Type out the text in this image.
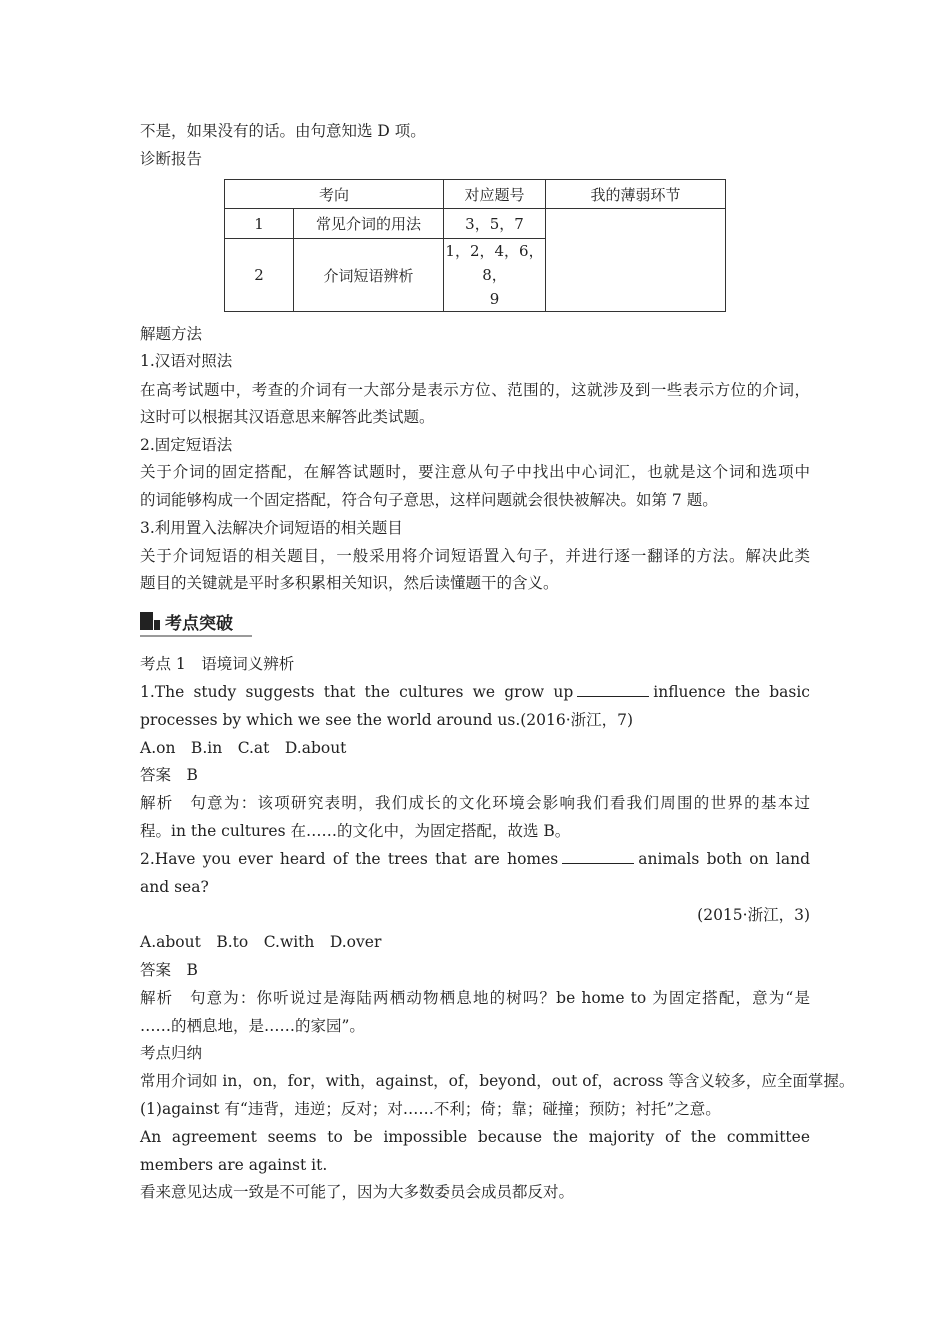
不是，如果没有的话。由句意知选 D 项。
诊断报告
考向		对应题号	我的薄弱环节
1	常见介词的用法	3，5，7	
2	介词短语辨析	1，2，4，6，8，
9	
解题方法
1.汉语对照法
在高考试题中，考查的介词有一大部分是表示方位、范围的，这就涉及到一些表示方位的介词，
这时可以根据其汉语意思来解答此类试题。
2.固定短语法
关于介词的固定搭配，在解答试题时，要注意从句子中找出中心词汇，也就是这个词和选项中
的词能够构成一个固定搭配，符合句子意思，这样问题就会很快被解决。如第 7 题。
3.利用置入法解决介词短语的相关题目
关于介词短语的相关题目，一般采用将介词短语置入句子，并进行逐一翻译的方法。解决此类
题目的关键就是平时多积累相关知识，然后读懂题干的含义。
考点突破
考点 1　语境词义辨析
1.The study suggests that the cultures we grow up	influence the basic
processes by which we see the world around us.(2016·浙江，7)
A.on　B.in　C.at　D.about
答案　B
解析　句意为：该项研究表明，我们成长的文化环境会影响我们看我们周围的世界的基本过
程。in the cultures 在……的文化中，为固定搭配，故选 B。
2.Have you ever heard of the trees that are homes	animals both on land
and sea?
(2015·浙江，3)
A.about　B.to　C.with　D.over
答案　B
解析　句意为：你听说过是海陆两栖动物栖息地的树吗？be home to 为固定搭配，意为“是
……的栖息地，是……的家园”。
考点归纳
常用介词如 in，on，for，with，against，of，beyond，out of，across 等含义较多，应全面掌握。
(1)against 有“违背，违逆；反对；对……不利；倚；靠；碰撞；预防；衬托”之意。
An agreement seems to be impossible because the majority of the committee
members are against it.
看来意见达成一致是不可能了，因为大多数委员会成员都反对。
